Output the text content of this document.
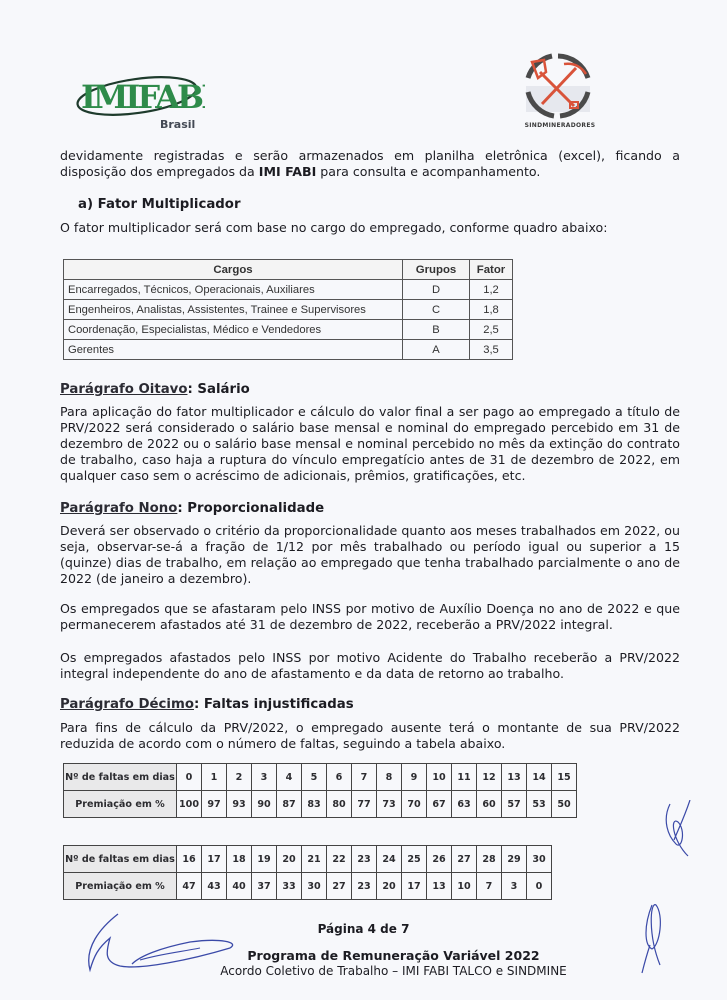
IMIFABI
Brasil	SINDMINERADORES

devidamente registradas e serão armazenados em planilha eletrônica (excel), ficando a disposição dos empregados da IMI FABI para consulta e acompanhamento.

a) Fator Multiplicador

O fator multiplicador será com base no cargo do empregado, conforme quadro abaixo:

Cargos	Grupos	Fator
Encarregados, Técnicos, Operacionais, Auxiliares	D	1,2
Engenheiros, Analistas, Assistentes, Trainee e Supervisores	C	1,8
Coordenação, Especialistas, Médico e Vendedores	B	2,5
Gerentes	A	3,5
Parágrafo Oitavo: Salário

Para aplicação do fator multiplicador e cálculo do valor final a ser pago ao empregado a título de PRV/2022 será considerado o salário base mensal e nominal do empregado percebido em 31 de dezembro de 2022 ou o salário base mensal e nominal percebido no mês da extinção do contrato de trabalho, caso haja a ruptura do vínculo empregatício antes de 31 de dezembro de 2022, em qualquer caso sem o acréscimo de adicionais, prêmios, gratificações, etc.

Parágrafo Nono: Proporcionalidade

Deverá ser observado o critério da proporcionalidade quanto aos meses trabalhados em 2022, ou seja, observar-se-á a fração de 1/12 por mês trabalhado ou período igual ou superior a 15 (quinze) dias de trabalho, em relação ao empregado que tenha trabalhado parcialmente o ano de 2022 (de janeiro a dezembro).

Os empregados que se afastaram pelo INSS por motivo de Auxílio Doença no ano de 2022 e que permanecerem afastados até 31 de dezembro de 2022, receberão a PRV/2022 integral.

Os empregados afastados pelo INSS por motivo Acidente do Trabalho receberão a PRV/2022 integral independente do ano de afastamento e da data de retorno ao trabalho.

Parágrafo Décimo: Faltas injustificadas

Para fins de cálculo da PRV/2022, o empregado ausente terá o montante de sua PRV/2022 reduzida de acordo com o número de faltas, seguindo a tabela abaixo.

Nº de faltas em dias	0	1	2	3	4	5	6	7	8	9	10	11	12	13	14	15
Premiação em %	100	97	93	90	87	83	80	77	73	70	67	63	60	57	53	50
Nº de faltas em dias	16	17	18	19	20	21	22	23	24	25	26	27	28	29	30
Premiação em %	47	43	40	37	33	30	27	23	20	17	13	10	7	3	0
Página 4 de 7
Programa de Remuneração Variável 2022
Acordo Coletivo de Trabalho – IMI FABI TALCO e SINDMINE
